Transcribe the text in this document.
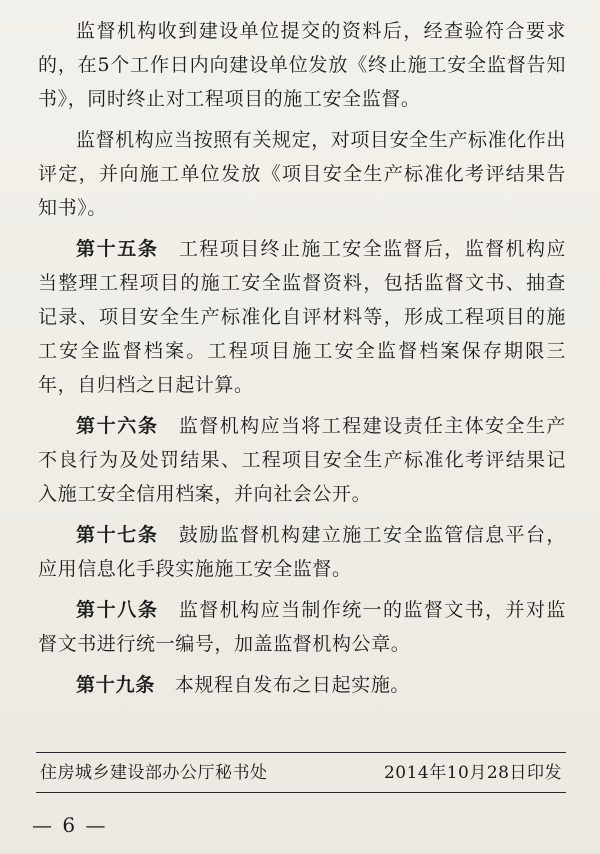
监督机构收到建设单位提交的资料后，经查验符合要求的，在5个工作日内向建设单位发放《终止施工安全监督告知书》，同时终止对工程项目的施工安全监督。

监督机构应当按照有关规定，对项目安全生产标准化作出评定，并向施工单位发放《项目安全生产标准化考评结果告知书》。

第十五条　 工程项目终止施工安全监督后，监督机构应当整理工程项目的施工安全监督资料，包括监督文书、抽查记录、项目安全生产标准化自评材料等，形成工程项目的施工安全监督档案。工程项目施工安全监督档案保存期限三年，自归档之日起计算。

第十六条　 监督机构应当将工程建设责任主体安全生产不良行为及处罚结果、工程项目安全生产标准化考评结果记入施工安全信用档案，并向社会公开。

第十七条　 鼓励监督机构建立施工安全监管信息平台，应用信息化手段实施施工安全监督。

第十八条　 监督机构应当制作统一的监督文书，并对监督文书进行统一编号，加盖监督机构公章。

第十九条　 本规程自发布之日起实施。

住房城乡建设部办公厅秘书处	2014年10月28日印发
— 6 —
